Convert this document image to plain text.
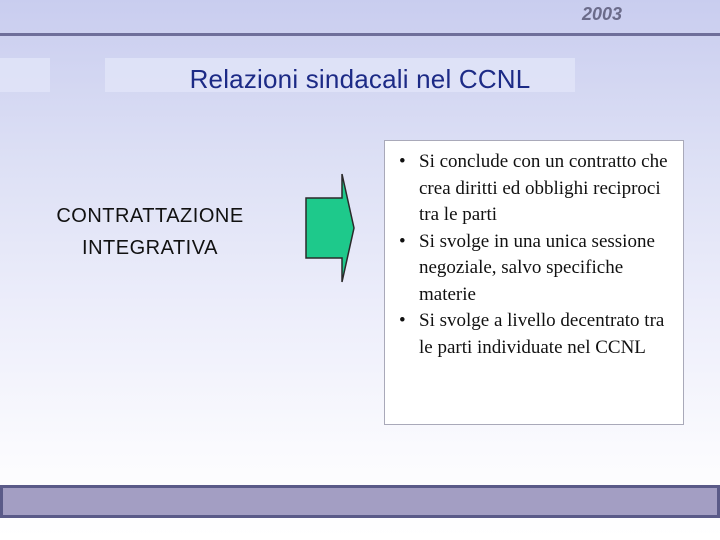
2003
Relazioni sindacali nel CCNL
CONTRATTAZIONE
INTEGRATIVA
• Si conclude con un contratto che crea diritti ed obblighi reciproci tra le parti
• Si svolge in una unica sessione negoziale, salvo specifiche materie
• Si svolge a livello decentrato tra le parti individuate nel CCNL
